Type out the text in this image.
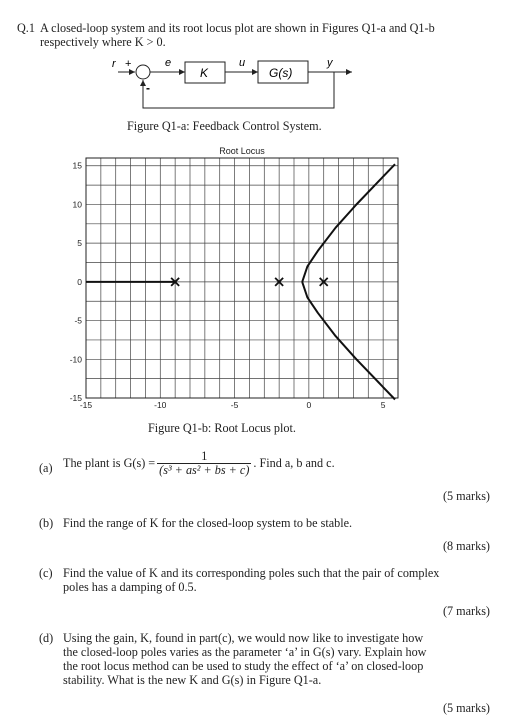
Q.1 A closed-loop system and its root locus plot are shown in Figures Q1-a and Q1-b
respectively where K > 0.
r +
-
e
K
u
G(s)
y
Figure Q1-a: Feedback Control System.
Root Locus
15
10
5
0
-5
-10
-15
-15	-10	-5	0	5
Figure Q1-b: Root Locus plot.
(a) The plant is $G(s) = \frac{1}{\text{(s³ + as² + bs + c)}}$ . Find a, b and c.
(5 marks)
(b) Find the range of K for the closed-loop system to be stable.
(8 marks)
(c) Find the value of K and its corresponding poles such that the pair of complex
poles has a damping of 0.5.
(7 marks)
(d) Using the gain, K, found in part(c), we would now like to investigate how
the closed-loop poles varies as the parameter ‘a’ in G(s) vary. Explain how
the root locus method can be used to study the effect of ‘a’ on closed-loop
stability. What is the new K and G(s) in Figure Q1-a.
(5 marks)
